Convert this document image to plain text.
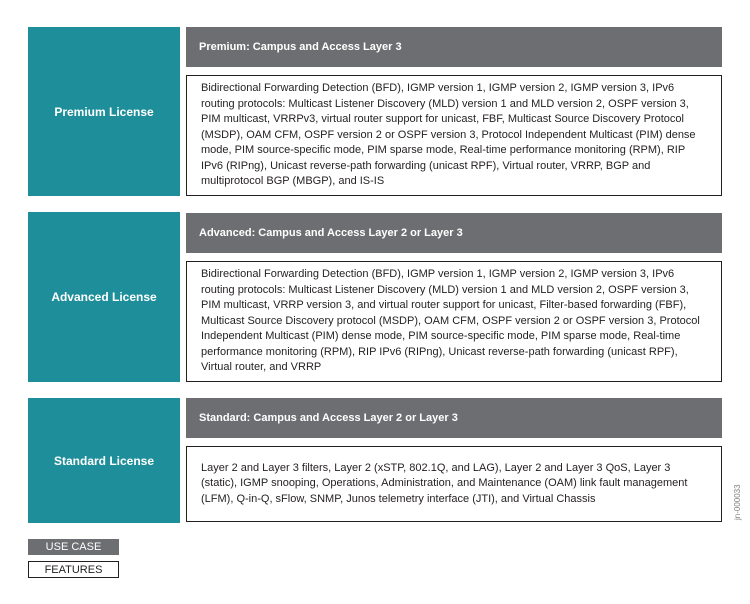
Premium License
Premium: Campus and Access Layer 3
Bidirectional Forwarding Detection (BFD), IGMP version 1, IGMP version 2, IGMP version 3, IPv6 routing protocols: Multicast Listener Discovery (MLD) version 1 and MLD version 2, OSPF version 3, PIM multicast, VRRPv3, virtual router support for unicast, FBF, Multicast Source Discovery Protocol (MSDP), OAM CFM, OSPF version 2 or OSPF version 3, Protocol Independent Multicast (PIM) dense mode, PIM source-specific mode, PIM sparse mode, Real-time performance monitoring (RPM), RIP IPv6 (RIPng), Unicast reverse-path forwarding (unicast RPF), Virtual router, VRRP, BGP and multiprotocol BGP (MBGP), and IS-IS
Advanced License
Advanced: Campus and Access Layer 2 or Layer 3
Bidirectional Forwarding Detection (BFD), IGMP version 1, IGMP version 2, IGMP version 3, IPv6 routing protocols: Multicast Listener Discovery (MLD) version 1 and MLD version 2, OSPF version 3, PIM multicast, VRRP version 3, and virtual router support for unicast, Filter-based forwarding (FBF), Multicast Source Discovery protocol (MSDP), OAM CFM, OSPF version 2 or OSPF version 3, Protocol Independent Multicast (PIM) dense mode, PIM source-specific mode, PIM sparse mode, Real-time performance monitoring (RPM), RIP IPv6 (RIPng), Unicast reverse-path forwarding (unicast RPF), Virtual router, and VRRP
Standard License
Standard: Campus and Access Layer 2 or Layer 3
Layer 2 and Layer 3 filters, Layer 2 (xSTP, 802.1Q, and LAG), Layer 2 and Layer 3 QoS, Layer 3 (static), IGMP snooping, Operations, Administration, and Maintenance (OAM) link fault management (LFM), Q-in-Q, sFlow, SNMP, Junos telemetry interface (JTI), and Virtual Chassis
USE CASE
FEATURES
jn-000033
